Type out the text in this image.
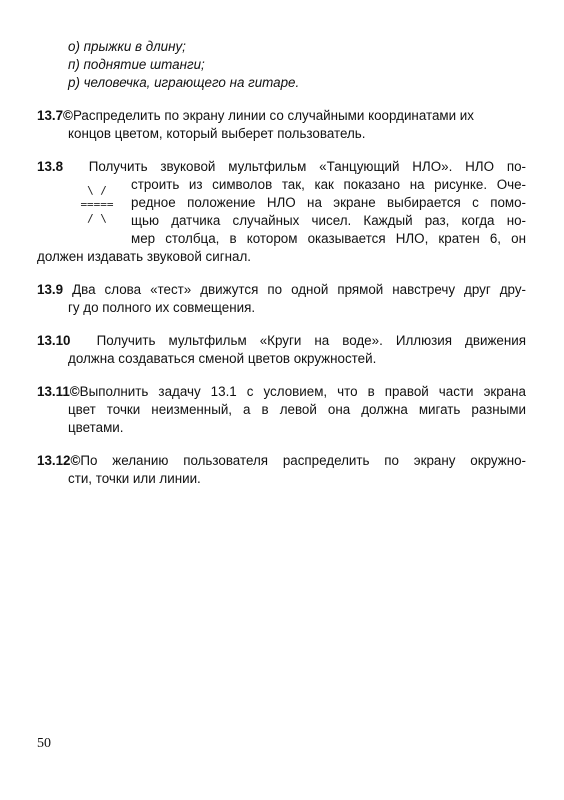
о) прыжки в длину;
п) поднятие штанги;
р) человечка, играющего на гитаре.
13.7©Распределить по экрану линии со случайными координатами их
концов цветом, который выберет пользователь.
13.8 Получить звуковой мультфильм «Танцующий НЛО». НЛО по-
\ /
=====
/ \
строить из символов так, как показано на рисунке. Оче-
редное положение НЛО на экране выбирается с помо-
щью датчика случайных чисел. Каждый раз, когда но-
мер столбца, в котором оказывается НЛО, кратен 6, он
должен издавать звуковой сигнал.
13.9 Два слова «тест» движутся по одной прямой навстречу друг дру-
гу до полного их совмещения.
13.10 Получить мультфильм «Круги на воде». Иллюзия движения
должна создаваться сменой цветов окружностей.
13.11©Выполнить задачу 13.1 с условием, что в правой части экрана
цвет точки неизменный, а в левой она должна мигать разными
цветами.
13.12©По желанию пользователя распределить по экрану окружно-
сти, точки или линии.
50
